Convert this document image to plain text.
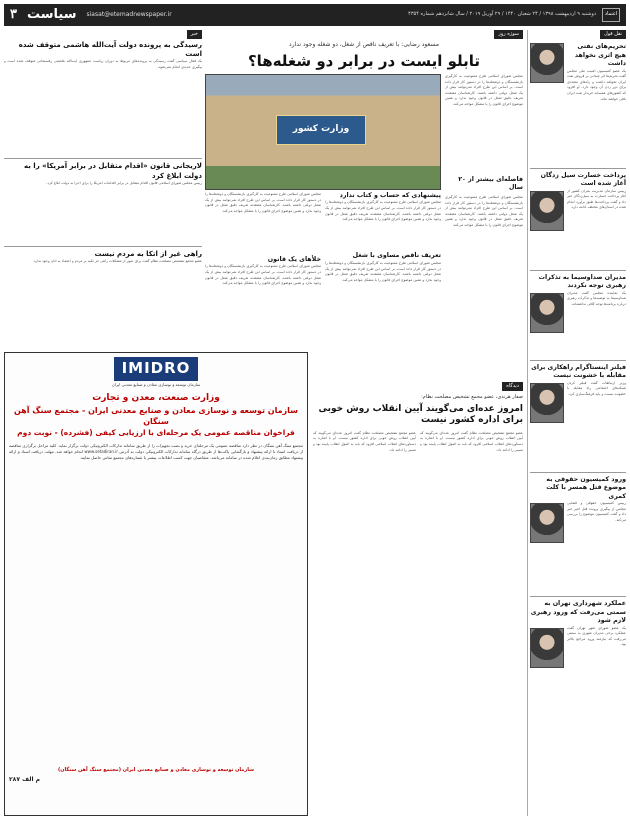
اعتماد
دوشنبه ۹ اردیبهشت ۱۳۹۸ / ۲۴ شعبان ۱۴۴۰ / ۲۹ آوریل ۲۰۱۹ / سال شانزدهم شماره ۴۳۵۴
۳ سیاست siasat@etemadnewspaper.ir
نقل قول
تحریم‌های نفتی هیچ اثری نخواهد داشت
یک عضو کمیسیون امنیت ملی مجلس گفت تحریم‌ها اثر چندانی بر فروش نفت ایران نخواهد داشت و راه‌های متعددی برای دور زدن آن وجود دارد. او افزود که کشورهای همسایه خریدار نفت ایران باقی خواهند ماند.
پرداخت خسارت سیل زدگان آغاز شده است
رییس سازمان مدیریت بحران کشور از آغاز پرداخت خسارت به سیل‌زدگان خبر داد و گفت پرداخت‌ها طبق برآورد انجام شده در استان‌های مختلف ادامه دارد.
مدیران صداوسیما به تذکرات رهبری توجه نکردند
یک نماینده مجلس گفت مدیران صداوسیما به توصیه‌ها و تذکرات رهبری درباره برنامه‌ها توجه کافی نداشته‌اند.
فیلتر اینستاگرام راهکاری برای مقابله با خشونت نیست
وزیر ارتباطات گفت فیلتر کردن شبکه‌های اجتماعی راه مقابله با خشونت نیست و باید فرهنگ‌سازی کرد.
ورود کمیسیون حقوقی به موضوع قتل همسر با کلت کمری
رییس کمیسیون حقوقی و قضایی مجلس از پیگیری پرونده قتل اخیر خبر داد و گفت کمیسیون موضوع را بررسی می‌کند.
عملکرد شهرداری تهران به سمتی می‌رفت که ورود رهبری لازم شود
یک عضو شورای شهر تهران گفت عملکرد برخی مدیران شهری به سمتی می‌رفت که نیازمند ورود مراجع بالاتر بود.
سوژه روز
مسعود رضایی: با تعریف ناقص از شغل، دو شغله وجود ندارد
تابلو ایست در برابر دو شغله‌ها؟
مجلس شورای اسلامی طرح ممنوعیت به کارگیری بازنشستگان و دوشغله‌ها را در دستور کار قرار داده است. بر اساس این طرح افراد نمی‌توانند بیش از یک شغل دولتی داشته باشند. کارشناسان معتقدند تعریف دقیق شغل در قانون وجود ندارد و همین موضوع اجرای قانون را با مشکل مواجه می‌کند.
فاصله‌ای بیشتر از ۲۰ سال
مجلس شورای اسلامی طرح ممنوعیت به کارگیری بازنشستگان و دوشغله‌ها را در دستور کار قرار داده است. بر اساس این طرح افراد نمی‌توانند بیش از یک شغل دولتی داشته باشند. کارشناسان معتقدند تعریف دقیق شغل در قانون وجود ندارد و همین موضوع اجرای قانون را با مشکل مواجه می‌کند.
وزارت کشور
پیشنهادی که حساب و کتاب ندارد
مجلس شورای اسلامی طرح ممنوعیت به کارگیری بازنشستگان و دوشغله‌ها را در دستور کار قرار داده است. بر اساس این طرح افراد نمی‌توانند بیش از یک شغل دولتی داشته باشند. کارشناسان معتقدند تعریف دقیق شغل در قانون وجود ندارد و همین موضوع اجرای قانون را با مشکل مواجه می‌کند.
تعریف ناقص مساوی با شغل
مجلس شورای اسلامی طرح ممنوعیت به کارگیری بازنشستگان و دوشغله‌ها را در دستور کار قرار داده است. بر اساس این طرح افراد نمی‌توانند بیش از یک شغل دولتی داشته باشند. کارشناسان معتقدند تعریف دقیق شغل در قانون وجود ندارد و همین موضوع اجرای قانون را با مشکل مواجه می‌کند.
مجلس شورای اسلامی طرح ممنوعیت به کارگیری بازنشستگان و دوشغله‌ها را در دستور کار قرار داده است. بر اساس این طرح افراد نمی‌توانند بیش از یک شغل دولتی داشته باشند. کارشناسان معتقدند تعریف دقیق شغل در قانون وجود ندارد و همین موضوع اجرای قانون را با مشکل مواجه می‌کند.
خلأهای یک قانون
مجلس شورای اسلامی طرح ممنوعیت به کارگیری بازنشستگان و دوشغله‌ها را در دستور کار قرار داده است. بر اساس این طرح افراد نمی‌توانند بیش از یک شغل دولتی داشته باشند. کارشناسان معتقدند تعریف دقیق شغل در قانون وجود ندارد و همین موضوع اجرای قانون را با مشکل مواجه می‌کند.
دیدگاه
صفار هرندی، عضو مجمع تشخیص مصلحت نظام:
امروز عده‌ای می‌گویند آیین انقلاب روش خوبی برای اداره کشور نیست
عضو مجمع تشخیص مصلحت نظام گفت امروز عده‌ای می‌گویند که آیین انقلاب روش خوبی برای اداره کشور نیست. او با اشاره به دستاوردهای انقلاب اسلامی افزود که باید به اصول انقلاب پایبند بود و مسیر را ادامه داد.
عضو مجمع تشخیص مصلحت نظام گفت امروز عده‌ای می‌گویند که آیین انقلاب روش خوبی برای اداره کشور نیست. او با اشاره به دستاوردهای انقلاب اسلامی افزود که باید به اصول انقلاب پایبند بود و مسیر را ادامه داد.
خبر
رسیدگی به پرونده دولت آیت‌الله هاشمی متوقف شده است
یک فعال سیاسی گفت رسیدگی به پرونده‌های مربوط به دوران ریاست جمهوری آیت‌الله هاشمی رفسنجانی متوقف شده است و پیگیری جدیدی انجام نمی‌شود.
لاریجانی قانون «اقدام متقابل در برابر آمریکا» را به دولت ابلاغ کرد
رییس مجلس شورای اسلامی قانون اقدام متقابل در برابر اقدامات آمریکا را برای اجرا به دولت ابلاغ کرد.
راهی غیر از اتکا به مردم نیست
عضو مجمع تشخیص مصلحت نظام گفت برای عبور از مشکلات راهی جز تکیه بر مردم و اعتماد به آنان وجود ندارد.
IMIDRO
سازمان توسعه و نوسازی معادن و صنایع معدنی ایران
وزارت صنعت، معدن و تجارت
سازمان توسعه و نوسازی معادن و صنایع معدنی ایران - مجتمع سنگ آهن سنگان
فراخوان مناقصه عمومی یک مرحله‌ای با ارزیابی کیفی (فشرده) - نوبت دوم
مجتمع سنگ آهن سنگان در نظر دارد مناقصه عمومی یک مرحله‌ای خرید و نصب تجهیزات را از طریق سامانه تدارکات الکترونیکی دولت برگزار نماید. کلیه مراحل برگزاری مناقصه از دریافت اسناد تا ارائه پیشنهاد و بازگشایی پاکت‌ها از طریق درگاه سامانه تدارکات الکترونیکی دولت به آدرس www.setadiran.ir انجام خواهد شد. مهلت دریافت اسناد و ارائه پیشنهاد مطابق زمان‌بندی اعلام شده در سامانه می‌باشد. متقاضیان جهت کسب اطلاعات بیشتر با شماره‌های مجتمع تماس حاصل نمایند.
سازمان توسعه و نوسازی معادن و صنایع معدنی ایران (مجتمع سنگ آهن سنگان)
م الف ۲۸۷
